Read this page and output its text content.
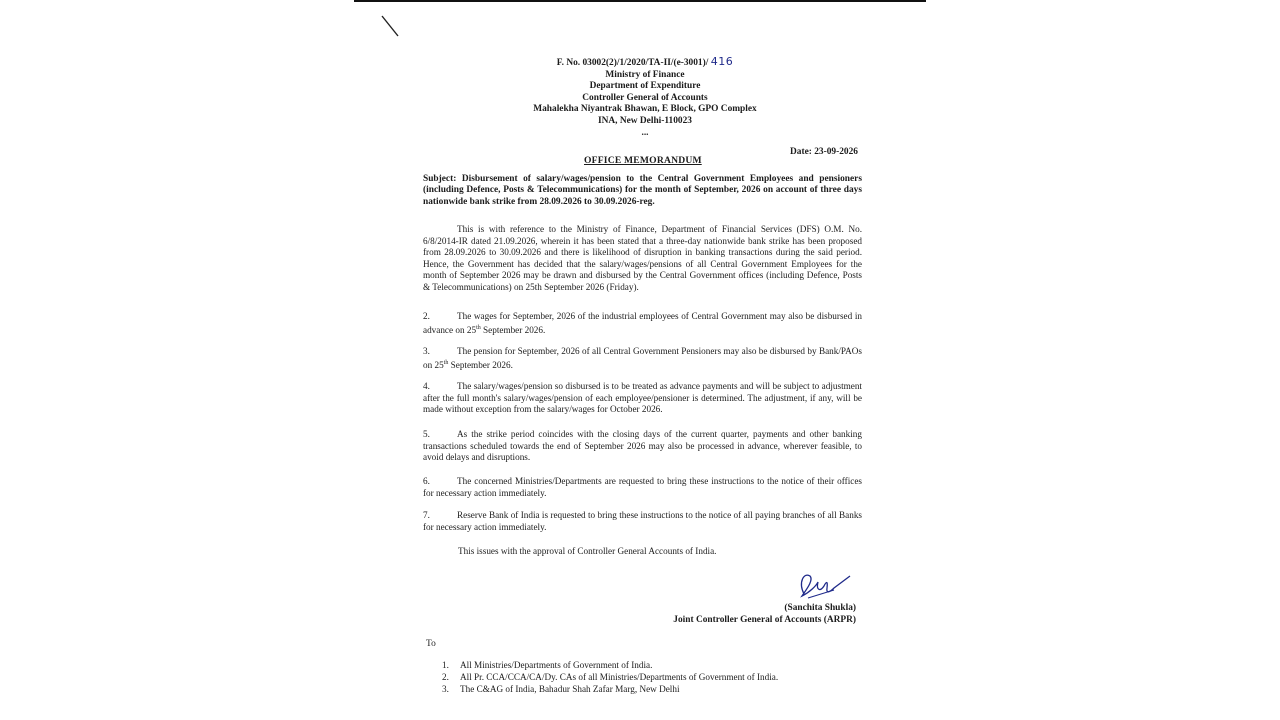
F. No. 03002(2)/1/2020/TA-II/(e-3001)/ 416
Ministry of Finance
Department of Expenditure
Controller General of Accounts
Mahalekha Niyantrak Bhawan, E Block, GPO Complex
INA, New Delhi-110023
...
Date: 23-09-2026
OFFICE MEMORANDUM
Subject: Disbursement of salary/wages/pension to the Central Government Employees and pensioners (including Defence, Posts & Telecommunications) for the month of September, 2026 on account of three days nationwide bank strike from 28.09.2026 to 30.09.2026-reg.
This is with reference to the Ministry of Finance, Department of Financial Services (DFS) O.M. No. 6/8/2014-IR dated 21.09.2026, wherein it has been stated that a three-day nationwide bank strike has been proposed from 28.09.2026 to 30.09.2026 and there is likelihood of disruption in banking transactions during the said period. Hence, the Government has decided that the salary/wages/pensions of all Central Government Employees for the month of September 2026 may be drawn and disbursed by the Central Government offices (including Defence, Posts & Telecommunications) on 25th September 2026 (Friday).
2.	The wages for September, 2026 of the industrial employees of Central Government may also be disbursed in advance on 25th September 2026.
3.	The pension for September, 2026 of all Central Government Pensioners may also be disbursed by Bank/PAOs on 25th September 2026.
4.	The salary/wages/pension so disbursed is to be treated as advance payments and will be subject to adjustment after the full month's salary/wages/pension of each employee/pensioner is determined. The adjustment, if any, will be made without exception from the salary/wages for October 2026.
5.	As the strike period coincides with the closing days of the current quarter, payments and other banking transactions scheduled towards the end of September 2026 may also be processed in advance, wherever feasible, to avoid delays and disruptions.
6.	The concerned Ministries/Departments are requested to bring these instructions to the notice of their offices for necessary action immediately.
7.	Reserve Bank of India is requested to bring these instructions to the notice of all paying branches of all Banks for necessary action immediately.
This issues with the approval of Controller General Accounts of India.
(Sanchita Shukla)
Joint Controller General of Accounts (ARPR)
To
1. All Ministries/Departments of Government of India.
2. All Pr. CCA/CCA/CA/Dy. CAs of all Ministries/Departments of Government of India.
3. The C&AG of India, Bahadur Shah Zafar Marg, New Delhi
